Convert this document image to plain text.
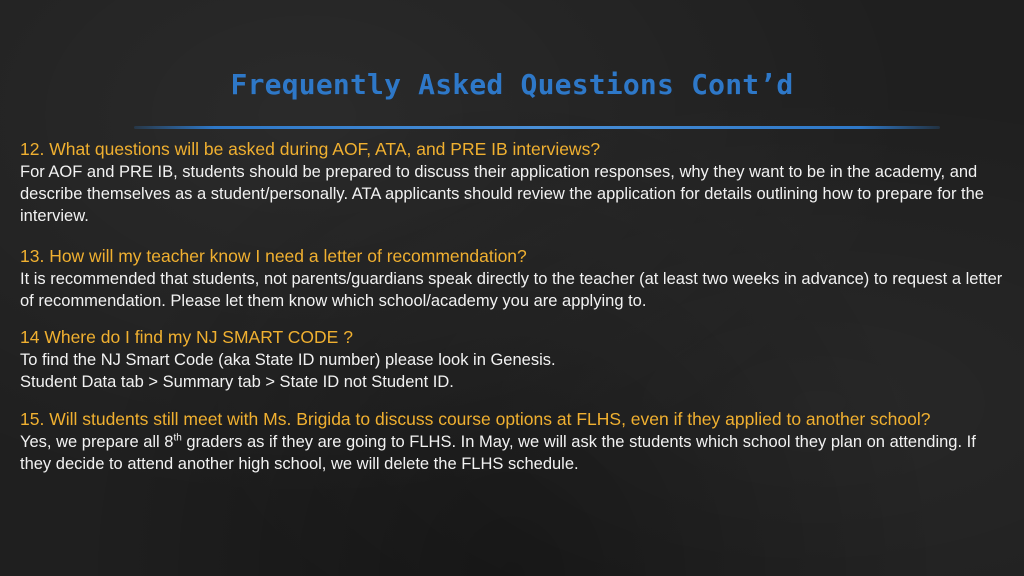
Frequently Asked Questions Cont’d

12. What questions will be asked during AOF, ATA, and PRE IB interviews?

For AOF and PRE IB, students should be prepared to discuss their application responses, why they want to be in the academy, and describe themselves as a student/personally. ATA applicants should review the application for details outlining how to prepare for the interview.

13. How will my teacher know I need a letter of recommendation?

It is recommended that students, not parents/guardians speak directly to the teacher (at least two weeks in advance) to request a letter of recommendation. Please let them know which school/academy you are applying to.

14 Where do I find my NJ SMART CODE ?

To find the NJ Smart Code (aka State ID number) please look in Genesis.

Student Data tab > Summary tab > State ID not Student ID.

15. Will students still meet with Ms. Brigida to discuss course options at FLHS, even if they applied to another school?

Yes, we prepare all 8th graders as if they are going to FLHS. In May, we will ask the students which school they plan on attending. If they decide to attend another high school, we will delete the FLHS schedule.
